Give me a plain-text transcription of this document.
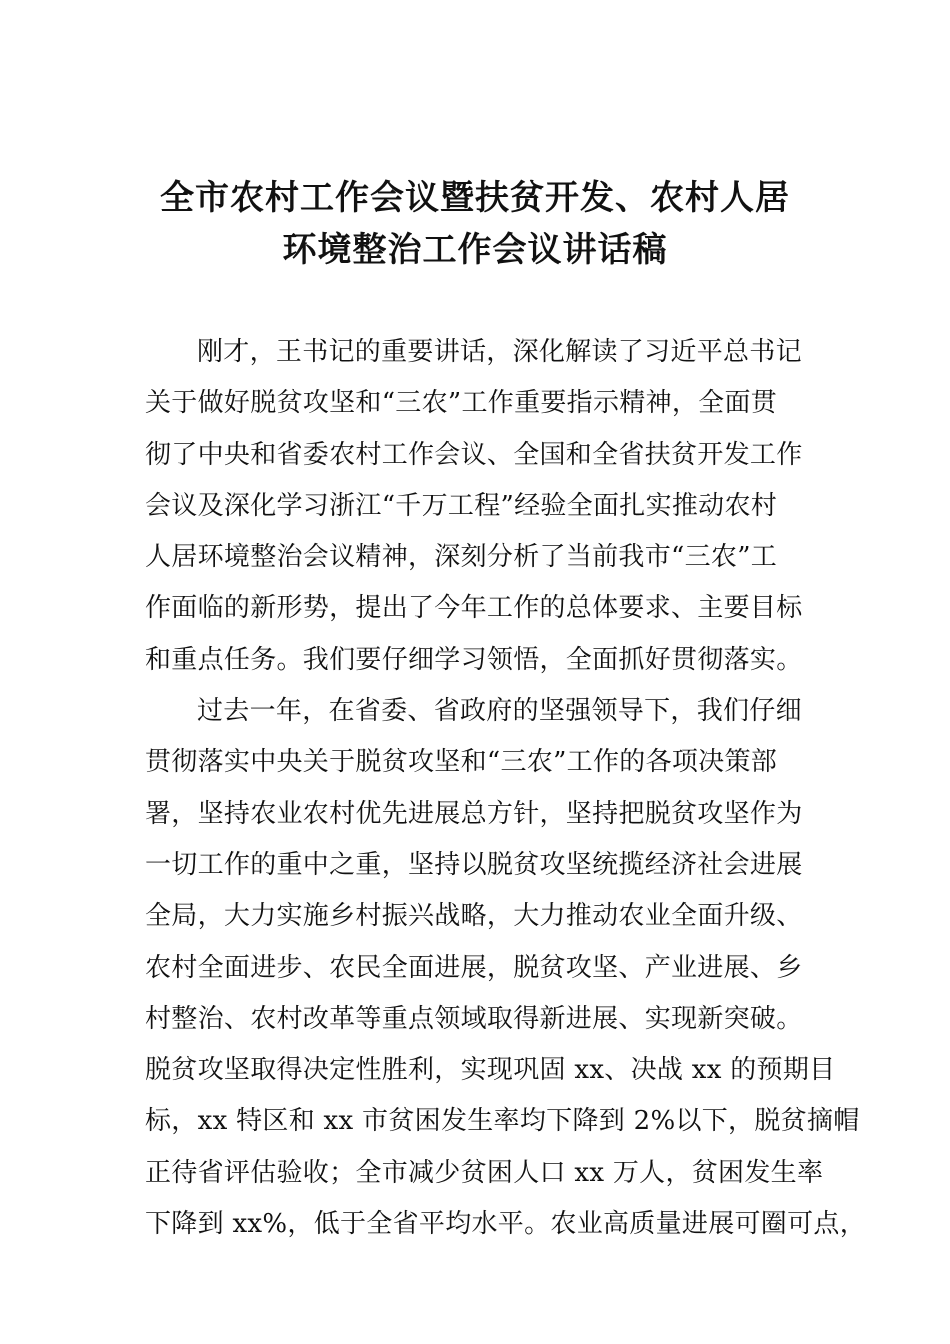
全市农村工作会议暨扶贫开发、农村人居
环境整治工作会议讲话稿
刚才，王书记的重要讲话，深化解读了习近平总书记
关于做好脱贫攻坚和“三农”工作重要指示精神，全面贯
彻了中央和省委农村工作会议、全国和全省扶贫开发工作
会议及深化学习浙江“千万工程”经验全面扎实推动农村
人居环境整治会议精神，深刻分析了当前我市“三农”工
作面临的新形势，提出了今年工作的总体要求、主要目标
和重点任务。我们要仔细学习领悟，全面抓好贯彻落实。
过去一年，在省委、省政府的坚强领导下，我们仔细
贯彻落实中央关于脱贫攻坚和“三农”工作的各项决策部
署，坚持农业农村优先进展总方针，坚持把脱贫攻坚作为
一切工作的重中之重，坚持以脱贫攻坚统揽经济社会进展
全局，大力实施乡村振兴战略，大力推动农业全面升级、
农村全面进步、农民全面进展，脱贫攻坚、产业进展、乡
村整治、农村改革等重点领域取得新进展、实现新突破。
脱贫攻坚取得决定性胜利，实现巩固 xx、决战 xx 的预期目
标，xx 特区和 xx 市贫困发生率均下降到 2%以下，脱贫摘帽
正待省评估验收；全市减少贫困人口 xx 万人，贫困发生率
下降到 xx%，低于全省平均水平。农业高质量进展可圈可点，
